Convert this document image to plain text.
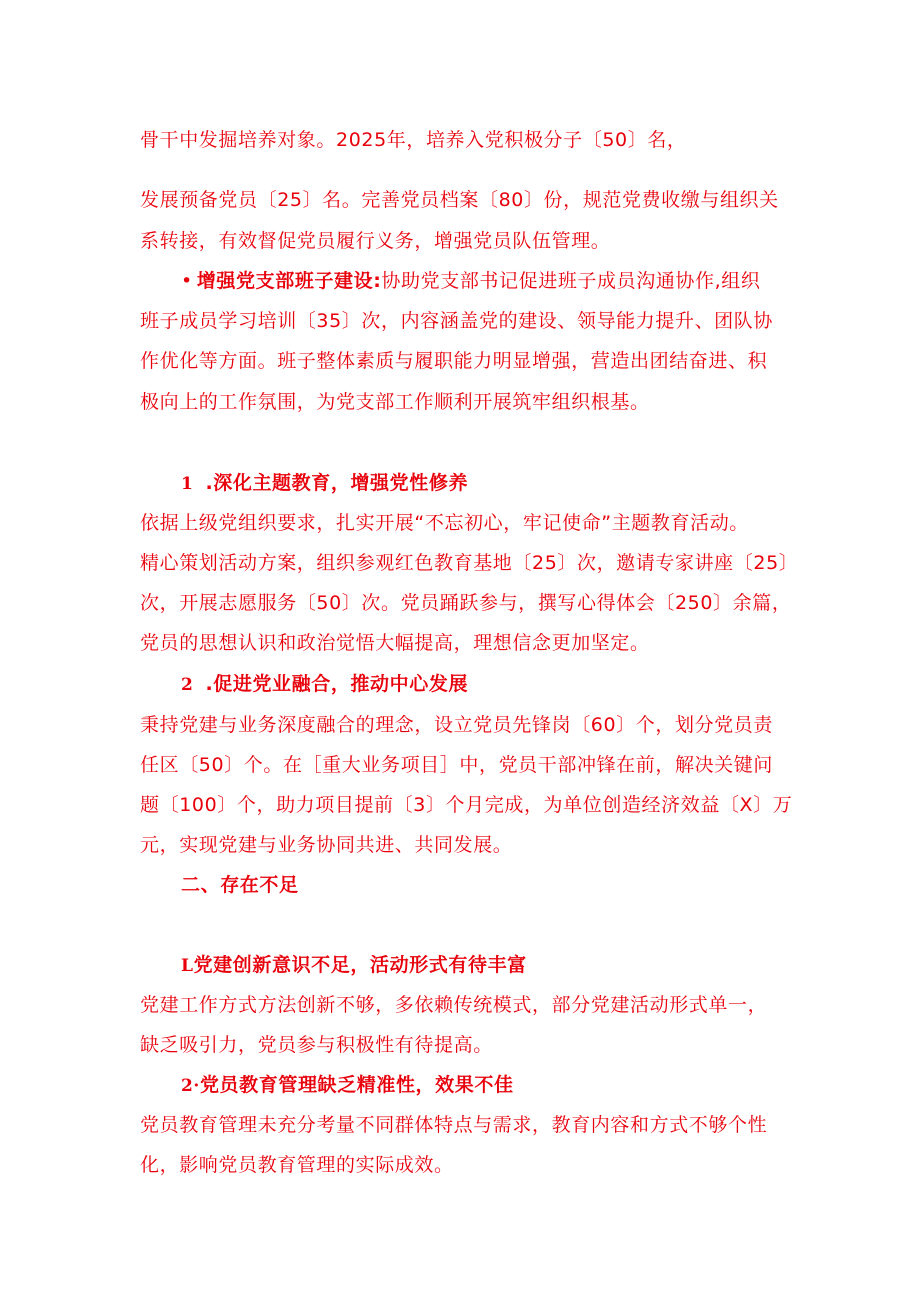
骨干中发掘培养对象。2025年，培养入党积极分子〔50〕名，
发展预备党员〔25〕名。完善党员档案〔80〕份，规范党费收缴与组织关
系转接，有效督促党员履行义务，增强党员队伍管理。
• 增强党支部班子建设:协助党支部书记促进班子成员沟通协作,组织
班子成员学习培训〔35〕次，内容涵盖党的建设、领导能力提升、团队协
作优化等方面。班子整体素质与履职能力明显增强，营造出团结奋进、积
极向上的工作氛围，为党支部工作顺利开展筑牢组织根基。
1 .深化主题教育，增强党性修养
依据上级党组织要求，扎实开展“不忘初心，牢记使命”主题教育活动。
精心策划活动方案，组织参观红色教育基地〔25〕次，邀请专家讲座〔25〕
次，开展志愿服务〔50〕次。党员踊跃参与，撰写心得体会〔250〕余篇，
党员的思想认识和政治觉悟大幅提高，理想信念更加坚定。
2 .促进党业融合，推动中心发展
秉持党建与业务深度融合的理念，设立党员先锋岗〔60〕个，划分党员责
任区〔50〕个。在［重大业务项目］中，党员干部冲锋在前，解决关键问
题〔100〕个，助力项目提前〔3〕个月完成，为单位创造经济效益〔X〕万
元，实现党建与业务协同共进、共同发展。
二、存在不足
L党建创新意识不足，活动形式有待丰富
党建工作方式方法创新不够，多依赖传统模式，部分党建活动形式单一，
缺乏吸引力，党员参与积极性有待提高。
2·党员教育管理缺乏精准性，效果不佳
党员教育管理未充分考量不同群体特点与需求，教育内容和方式不够个性
化，影响党员教育管理的实际成效。
